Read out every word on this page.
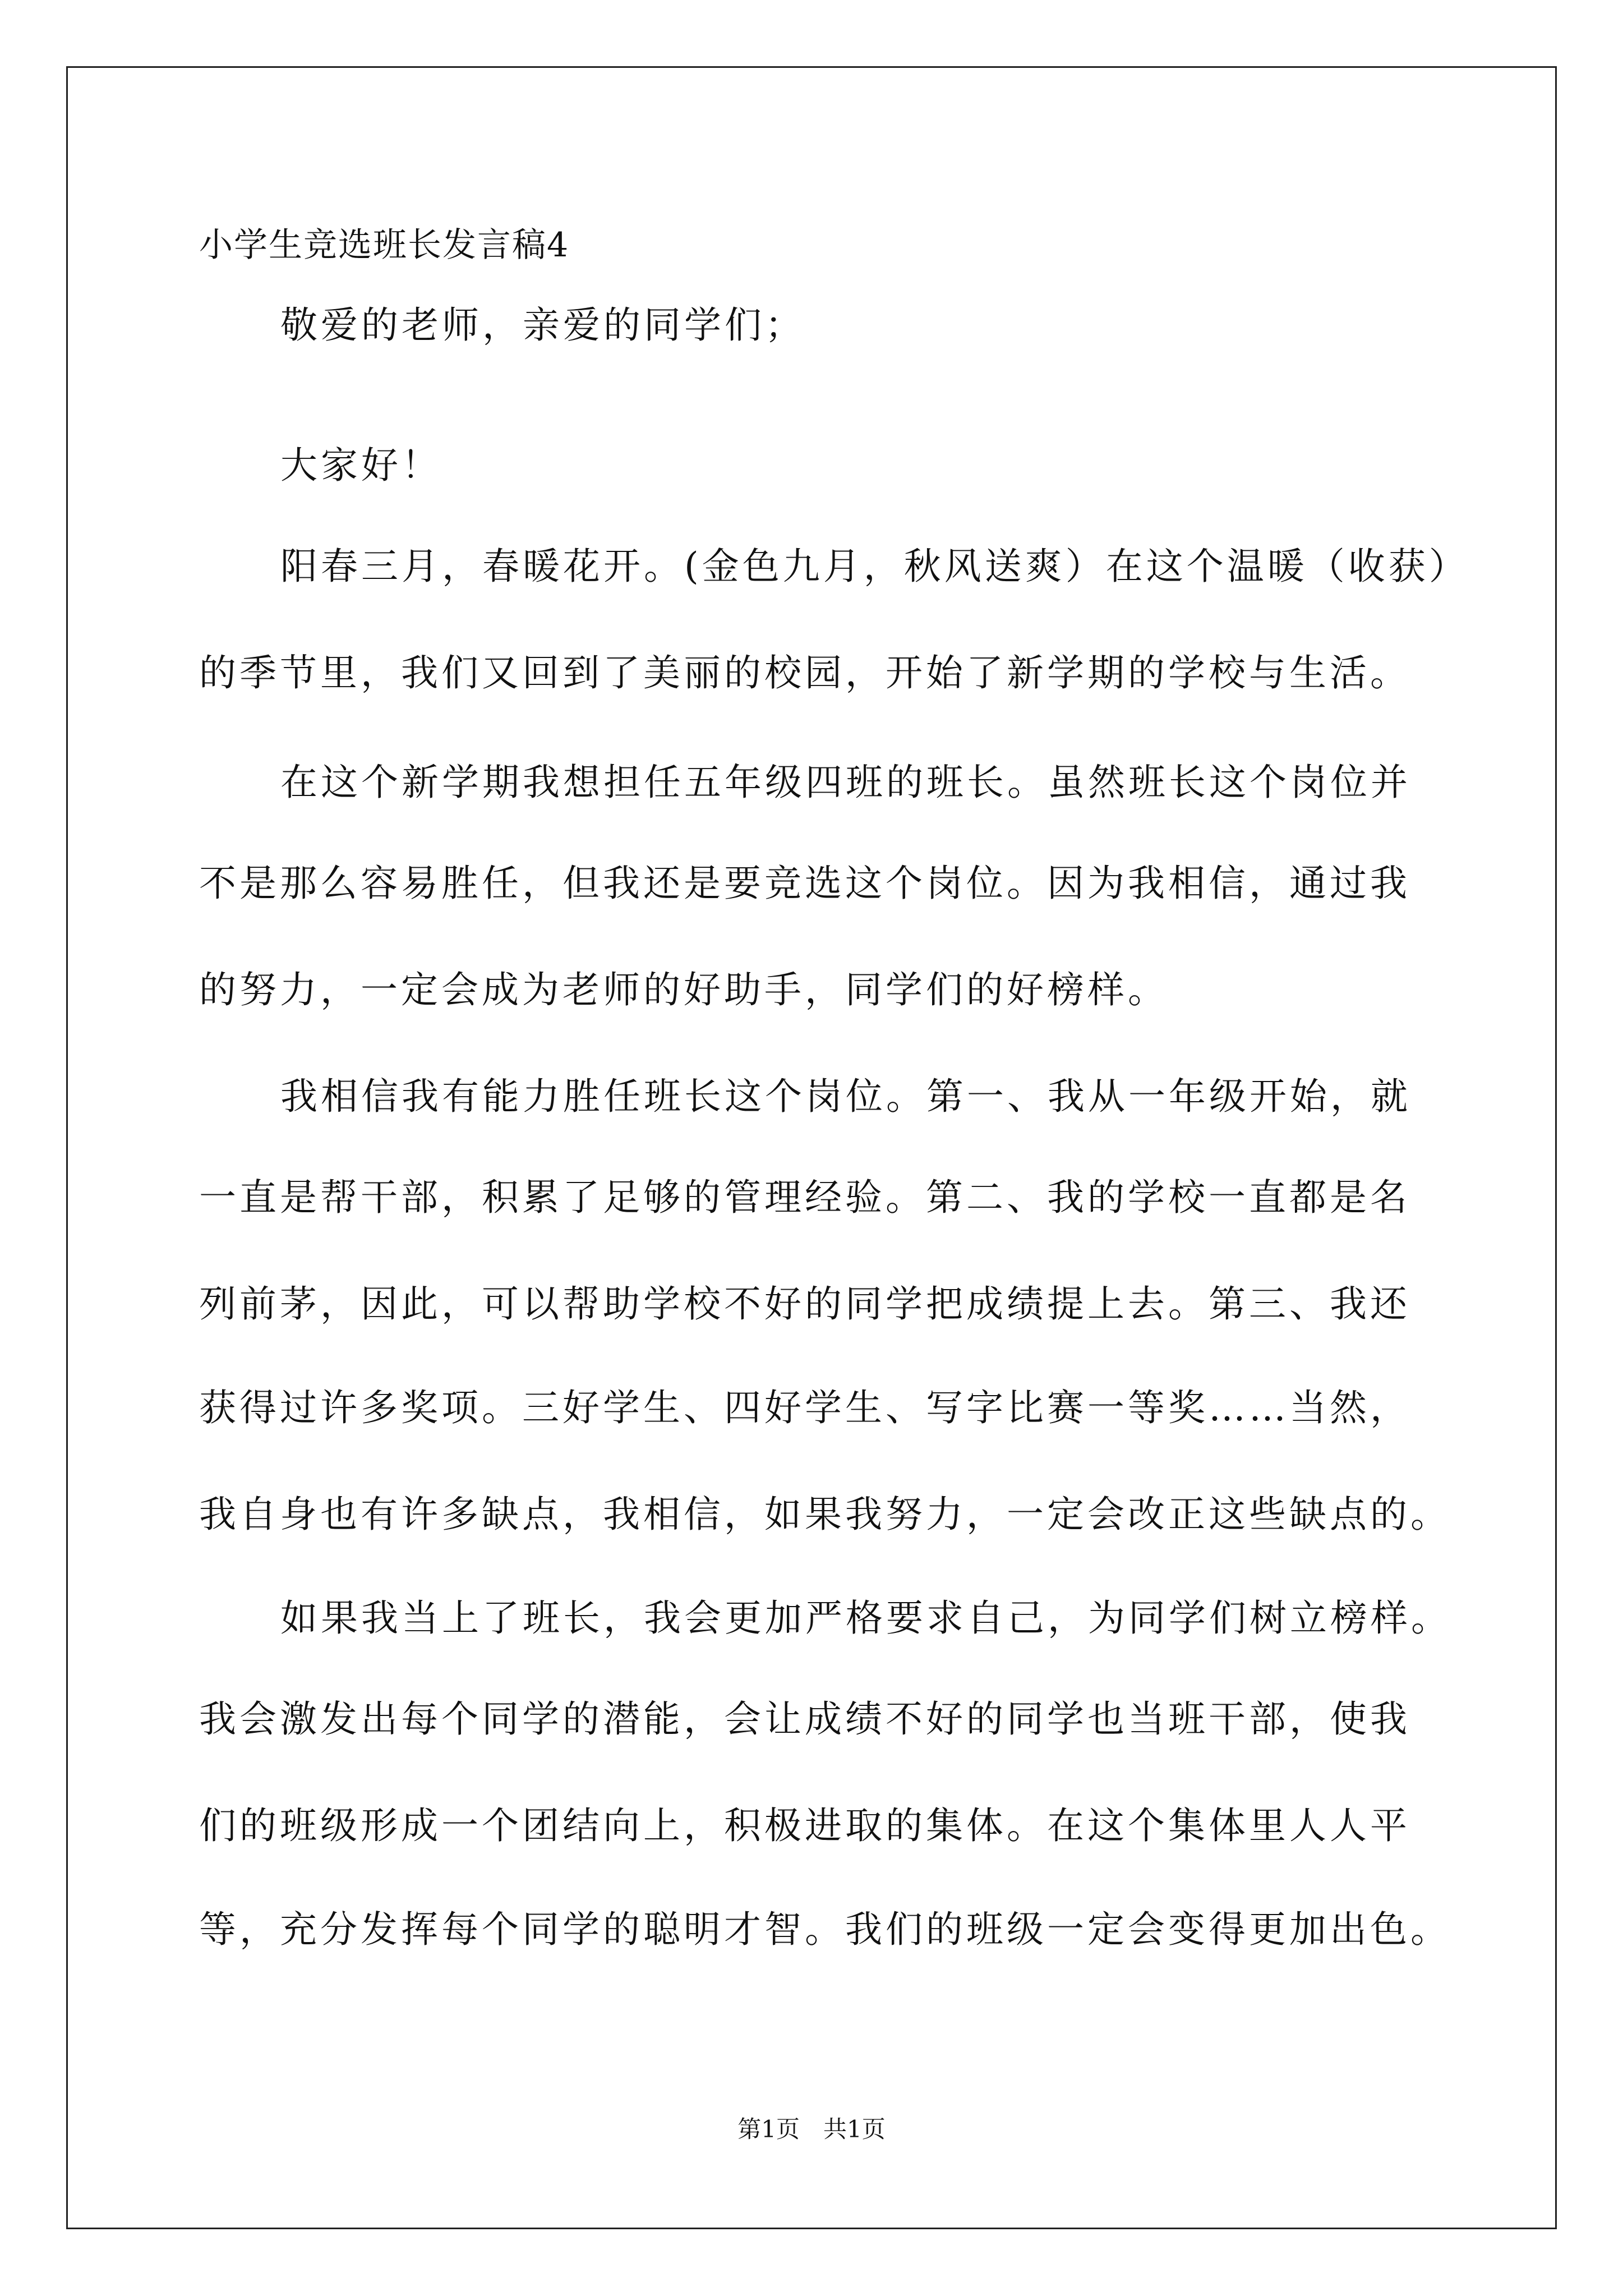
小学生竞选班长发言稿4
敬爱的老师，亲爱的同学们；
大家好！
阳春三月，春暖花开。(金色九月，秋风送爽）在这个温暖（收获）
的季节里，我们又回到了美丽的校园，开始了新学期的学校与生活。
在这个新学期我想担任五年级四班的班长。虽然班长这个岗位并
不是那么容易胜任，但我还是要竞选这个岗位。因为我相信，通过我
的努力，一定会成为老师的好助手，同学们的好榜样。
我相信我有能力胜任班长这个岗位。第一、我从一年级开始，就
一直是帮干部，积累了足够的管理经验。第二、我的学校一直都是名
列前茅，因此，可以帮助学校不好的同学把成绩提上去。第三、我还
获得过许多奖项。三好学生、四好学生、写字比赛一等奖……当然，
我自身也有许多缺点，我相信，如果我努力，一定会改正这些缺点的。
如果我当上了班长，我会更加严格要求自己，为同学们树立榜样。
我会激发出每个同学的潜能，会让成绩不好的同学也当班干部，使我
们的班级形成一个团结向上，积极进取的集体。在这个集体里人人平
等，充分发挥每个同学的聪明才智。我们的班级一定会变得更加出色。
第1页　共1页
